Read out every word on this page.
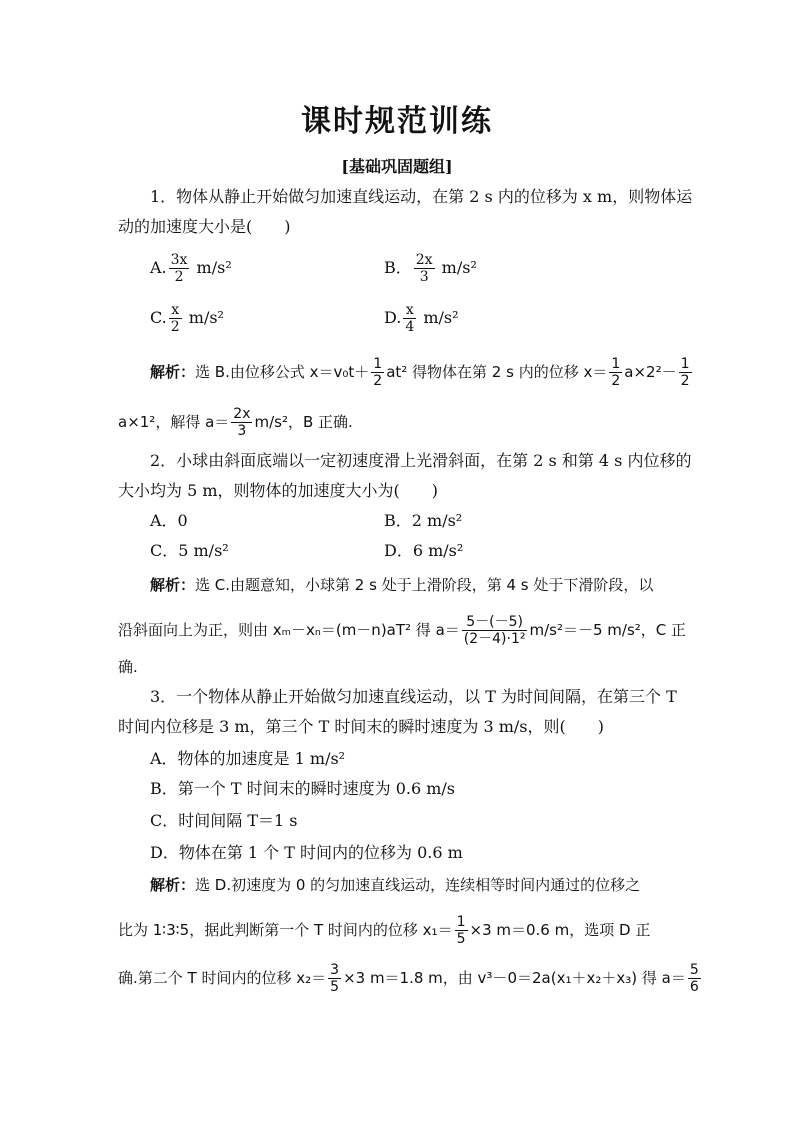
课时规范训练
[基础巩固题组]
1．物体从静止开始做匀加速直线运动，在第 2 s 内的位移为 x m，则物体运
动的加速度大小是(　　)
A. $\frac{3x}{2} m/s^2$	B． $\frac{2x}{3} m/s^2$
C. $\frac{x}{2} m/s^2$	D. $\frac{x}{4} m/s^2$
解析：选 B.由位移公式 $x=v_0t+ \frac{1}{2} at^2$ 得物体在第 2 s 内的位移 $x= \frac{1}{2} a\times 2^2- \frac{1}{2}$
a×1²，解得 $a= \frac{2x}{3} m/s^2$，B 正确.
2．小球由斜面底端以一定初速度滑上光滑斜面，在第 2 s 和第 4 s 内位移的
大小均为 5 m，则物体的加速度大小为(　　)
A．0	B．2 m/s²
C．5 m/s²	D．6 m/s²
解析：选 C.由题意知，小球第 2 s 处于上滑阶段，第 4 s 处于下滑阶段，以
沿斜面向上为正，则由 xₘ－xₙ＝(m－n)aT² 得 $a= \frac{5-(-5)}{\text{(2－4)·1²}} m/s^2=-5$ m/s²，C 正
确.
3．一个物体从静止开始做匀加速直线运动，以 T 为时间间隔，在第三个 T
时间内位移是 3 m，第三个 T 时间末的瞬时速度为 3 m/s，则(　　)
A．物体的加速度是 1 m/s²
B．第一个 T 时间末的瞬时速度为 0.6 m/s
C．时间间隔 T＝1 s
D．物体在第 1 个 T 时间内的位移为 0.6 m
解析：选 D.初速度为 0 的匀加速直线运动，连续相等时间内通过的位移之
比为 1∶3∶5，据此判断第一个 T 时间内的位移 $x_1= \frac{1}{5} \times 3$ m＝0.6 m，选项 D 正
确.第二个 T 时间内的位移 $x_2= \frac{3}{5} \times 3$ m＝1.8 m，由 v³－0＝2a(x₁＋x₂＋x₃) 得 $a= \frac{5}{6}$
